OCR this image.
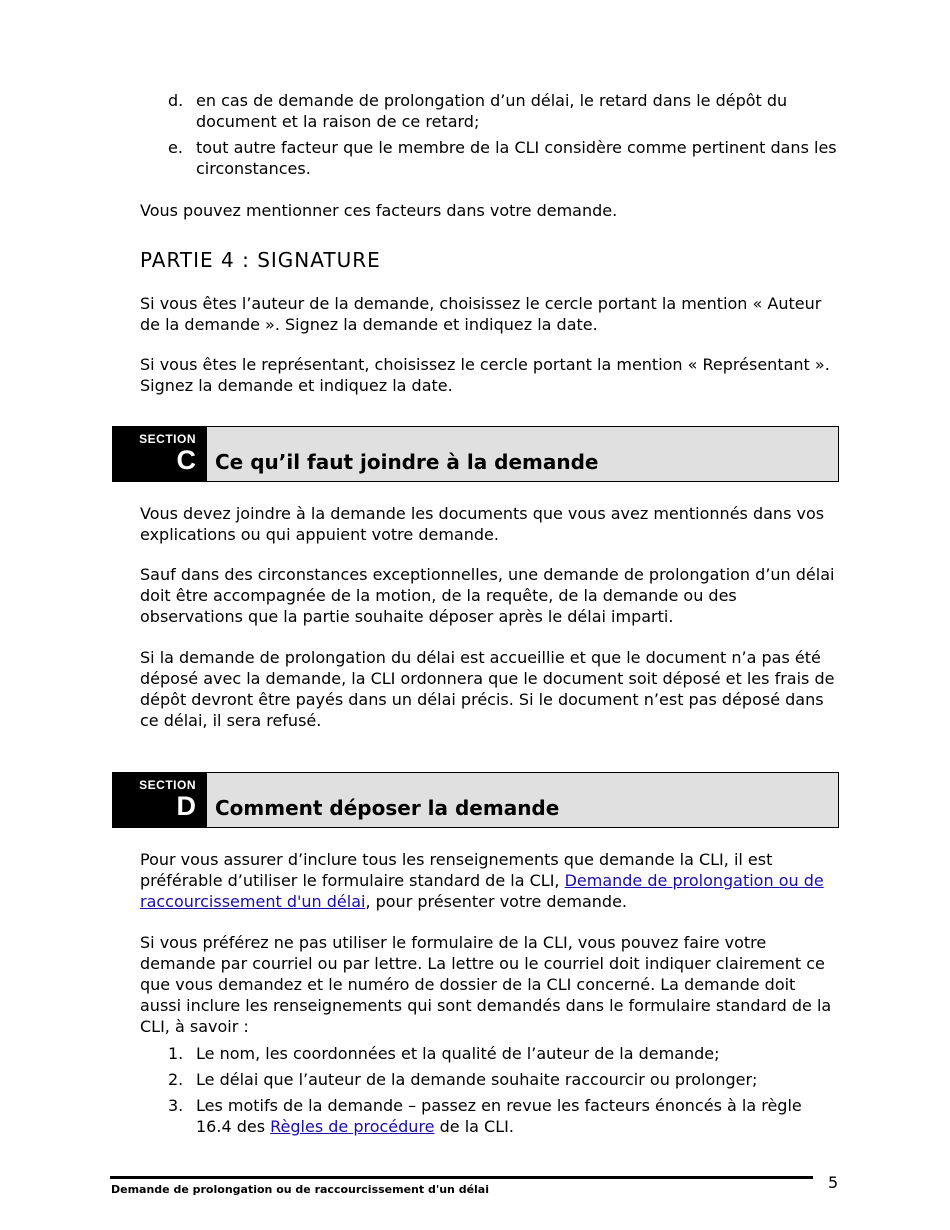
d. en cas de demande de prolongation d’un délai, le retard dans le dépôt du document et la raison de ce retard;
e. tout autre facteur que le membre de la CLI considère comme pertinent dans les circonstances.

Vous pouvez mentionner ces facteurs dans votre demande.

PARTIE 4 : SIGNATURE

Si vous êtes l’auteur de la demande, choisissez le cercle portant la mention « Auteur de la demande ». Signez la demande et indiquez la date.

Si vous êtes le représentant, choisissez le cercle portant la mention « Représentant ». Signez la demande et indiquez la date.

SECTION
C Ce qu’il faut joindre à la demande

Vous devez joindre à la demande les documents que vous avez mentionnés dans vos explications ou qui appuient votre demande.

Sauf dans des circonstances exceptionnelles, une demande de prolongation d’un délai doit être accompagnée de la motion, de la requête, de la demande ou des observations que la partie souhaite déposer après le délai imparti.

Si la demande de prolongation du délai est accueillie et que le document n’a pas été déposé avec la demande, la CLI ordonnera que le document soit déposé et les frais de dépôt devront être payés dans un délai précis. Si le document n’est pas déposé dans ce délai, il sera refusé.

SECTION
D Comment déposer la demande

Pour vous assurer d’inclure tous les renseignements que demande la CLI, il est préférable d’utiliser le formulaire standard de la CLI, Demande de prolongation ou de raccourcissement d'un délai, pour présenter votre demande.

Si vous préférez ne pas utiliser le formulaire de la CLI, vous pouvez faire votre demande par courriel ou par lettre. La lettre ou le courriel doit indiquer clairement ce que vous demandez et le numéro de dossier de la CLI concerné. La demande doit aussi inclure les renseignements qui sont demandés dans le formulaire standard de la CLI, à savoir :

1. Le nom, les coordonnées et la qualité de l’auteur de la demande;
2. Le délai que l’auteur de la demande souhaite raccourcir ou prolonger;
3. Les motifs de la demande – passez en revue les facteurs énoncés à la règle 16.4 des Règles de procédure de la CLI.
Demande de prolongation ou de raccourcissement d'un délai	5
